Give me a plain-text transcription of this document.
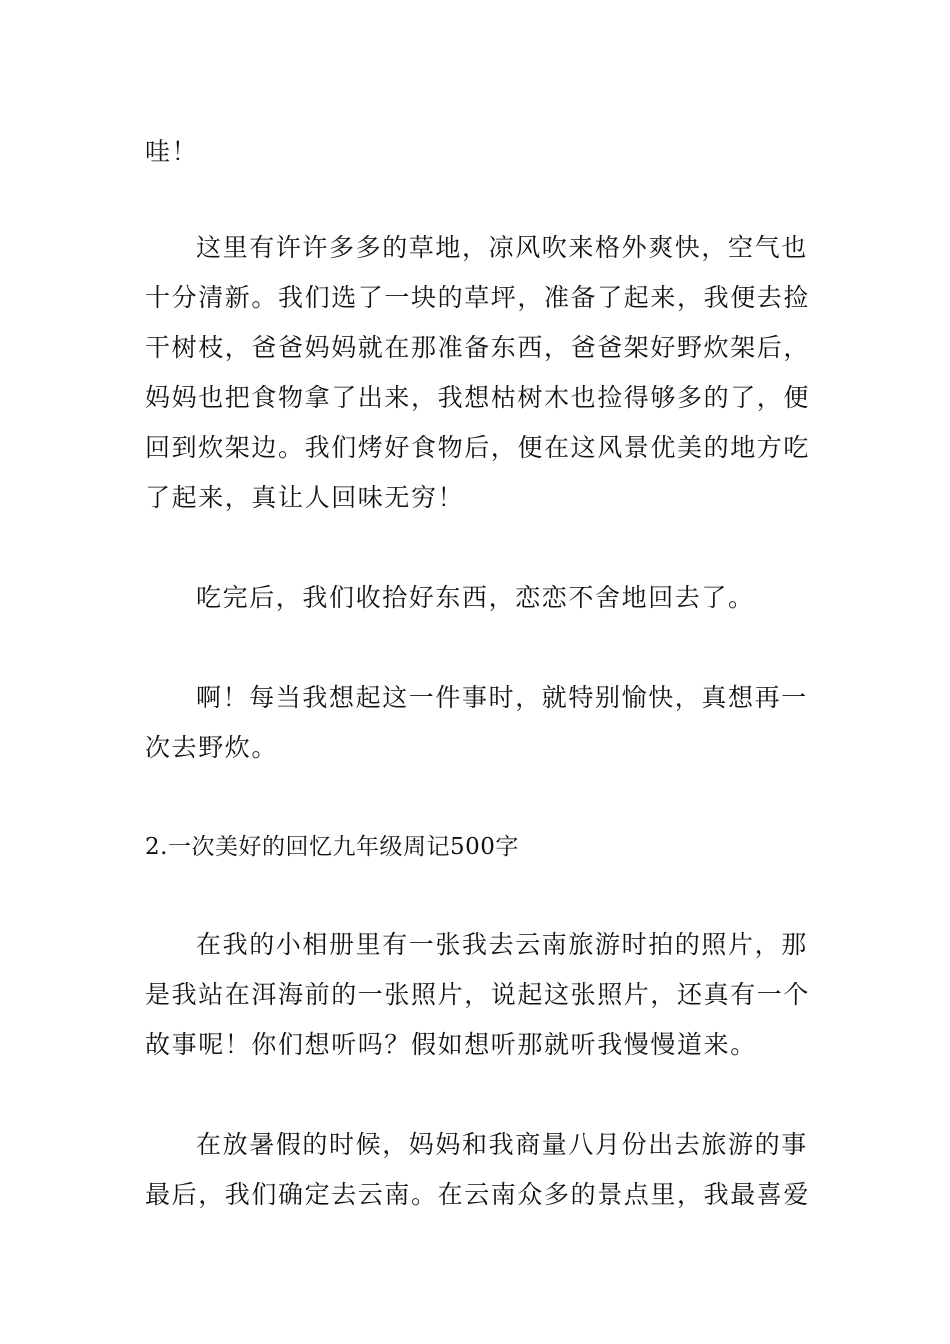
哇！
这里有许许多多的草地，凉风吹来格外爽快，空气也
十分清新。我们选了一块的草坪，准备了起来，我便去捡
干树枝，爸爸妈妈就在那准备东西，爸爸架好野炊架后，
妈妈也把食物拿了出来，我想枯树木也捡得够多的了，便
回到炊架边。我们烤好食物后，便在这风景优美的地方吃
了起来，真让人回味无穷！
吃完后，我们收拾好东西，恋恋不舍地回去了。
啊！每当我想起这一件事时，就特别愉快，真想再一
次去野炊。
2.一次美好的回忆九年级周记500字
在我的小相册里有一张我去云南旅游时拍的照片，那
是我站在洱海前的一张照片，说起这张照片，还真有一个
故事呢！你们想听吗？假如想听那就听我慢慢道来。
在放暑假的时候，妈妈和我商量八月份出去旅游的事
最后，我们确定去云南。在云南众多的景点里，我最喜爱
